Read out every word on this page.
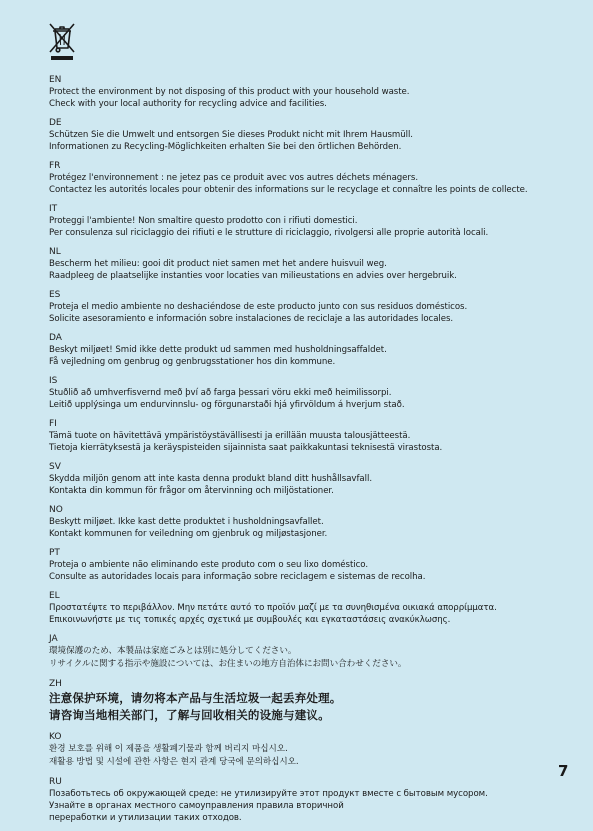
EN
Protect the environment by not disposing of this product with your household waste.
Check with your local authority for recycling advice and facilities.
DE
Schützen Sie die Umwelt und entsorgen Sie dieses Produkt nicht mit Ihrem Hausmüll.
Informationen zu Recycling-Möglichkeiten erhalten Sie bei den örtlichen Behörden.
FR
Protégez l'environnement : ne jetez pas ce produit avec vos autres déchets ménagers.
Contactez les autorités locales pour obtenir des informations sur le recyclage et connaître les points de collecte.
IT
Proteggi l'ambiente! Non smaltire questo prodotto con i rifiuti domestici.
Per consulenza sul riciclaggio dei rifiuti e le strutture di riciclaggio, rivolgersi alle proprie autorità locali.
NL
Bescherm het milieu: gooi dit product niet samen met het andere huisvuil weg.
Raadpleeg de plaatselijke instanties voor locaties van milieustations en advies over hergebruik.
ES
Proteja el medio ambiente no deshaciéndose de este producto junto con sus residuos domésticos.
Solicite asesoramiento e información sobre instalaciones de reciclaje a las autoridades locales.
DA
Beskyt miljøet! Smid ikke dette produkt ud sammen med husholdningsaffaldet.
Få vejledning om genbrug og genbrugsstationer hos din kommune.
IS
Stuðlið að umhverfisvernd með því að farga þessari vöru ekki með heimilissorpi.
Leitið upplýsinga um endurvinnslu- og förgunarstaði hjá yfirvöldum á hverjum stað.
FI
Tämä tuote on hävitettävä ympäristöystävällisesti ja erillään muusta talousjätteestä.
Tietoja kierrätyksestä ja keräyspisteiden sijainnista saat paikkakuntasi teknisestä virastosta.
SV
Skydda miljön genom att inte kasta denna produkt bland ditt hushållsavfall.
Kontakta din kommun för frågor om återvinning och miljöstationer.
NO
Beskytt miljøet. Ikke kast dette produktet i husholdningsavfallet.
Kontakt kommunen for veiledning om gjenbruk og miljøstasjoner.
PT
Proteja o ambiente não eliminando este produto com o seu lixo doméstico.
Consulte as autoridades locais para informação sobre reciclagem e sistemas de recolha.
EL
Προστατέψτε το περιβάλλον. Μην πετάτε αυτό το προϊόν μαζί με τα συνηθισμένα οικιακά απορρίμματα.
Επικοινωνήστε με τις τοπικές αρχές σχετικά με συμβουλές και εγκαταστάσεις ανακύκλωσης.
JA
環境保護のため、本製品は家庭ごみとは別に処分してください。
リサイクルに関する指示や施設については、お住まいの地方自治体にお問い合わせください。
ZH
注意保护环境，请勿将本产品与生活垃圾一起丢弃处理。
请咨询当地相关部门，了解与回收相关的设施与建议。
KO
환경 보호를 위해 이 제품을 생활폐기물과 함께 버리지 마십시오.
재활용 방법 및 시설에 관한 사항은 현지 관계 당국에 문의하십시오.
RU
Позаботьтесь об окружающей среде: не утилизируйте этот продукт вместе с бытовым мусором.
Узнайте в органах местного самоуправления правила вторичной
переработки и утилизации таких отходов.
7
